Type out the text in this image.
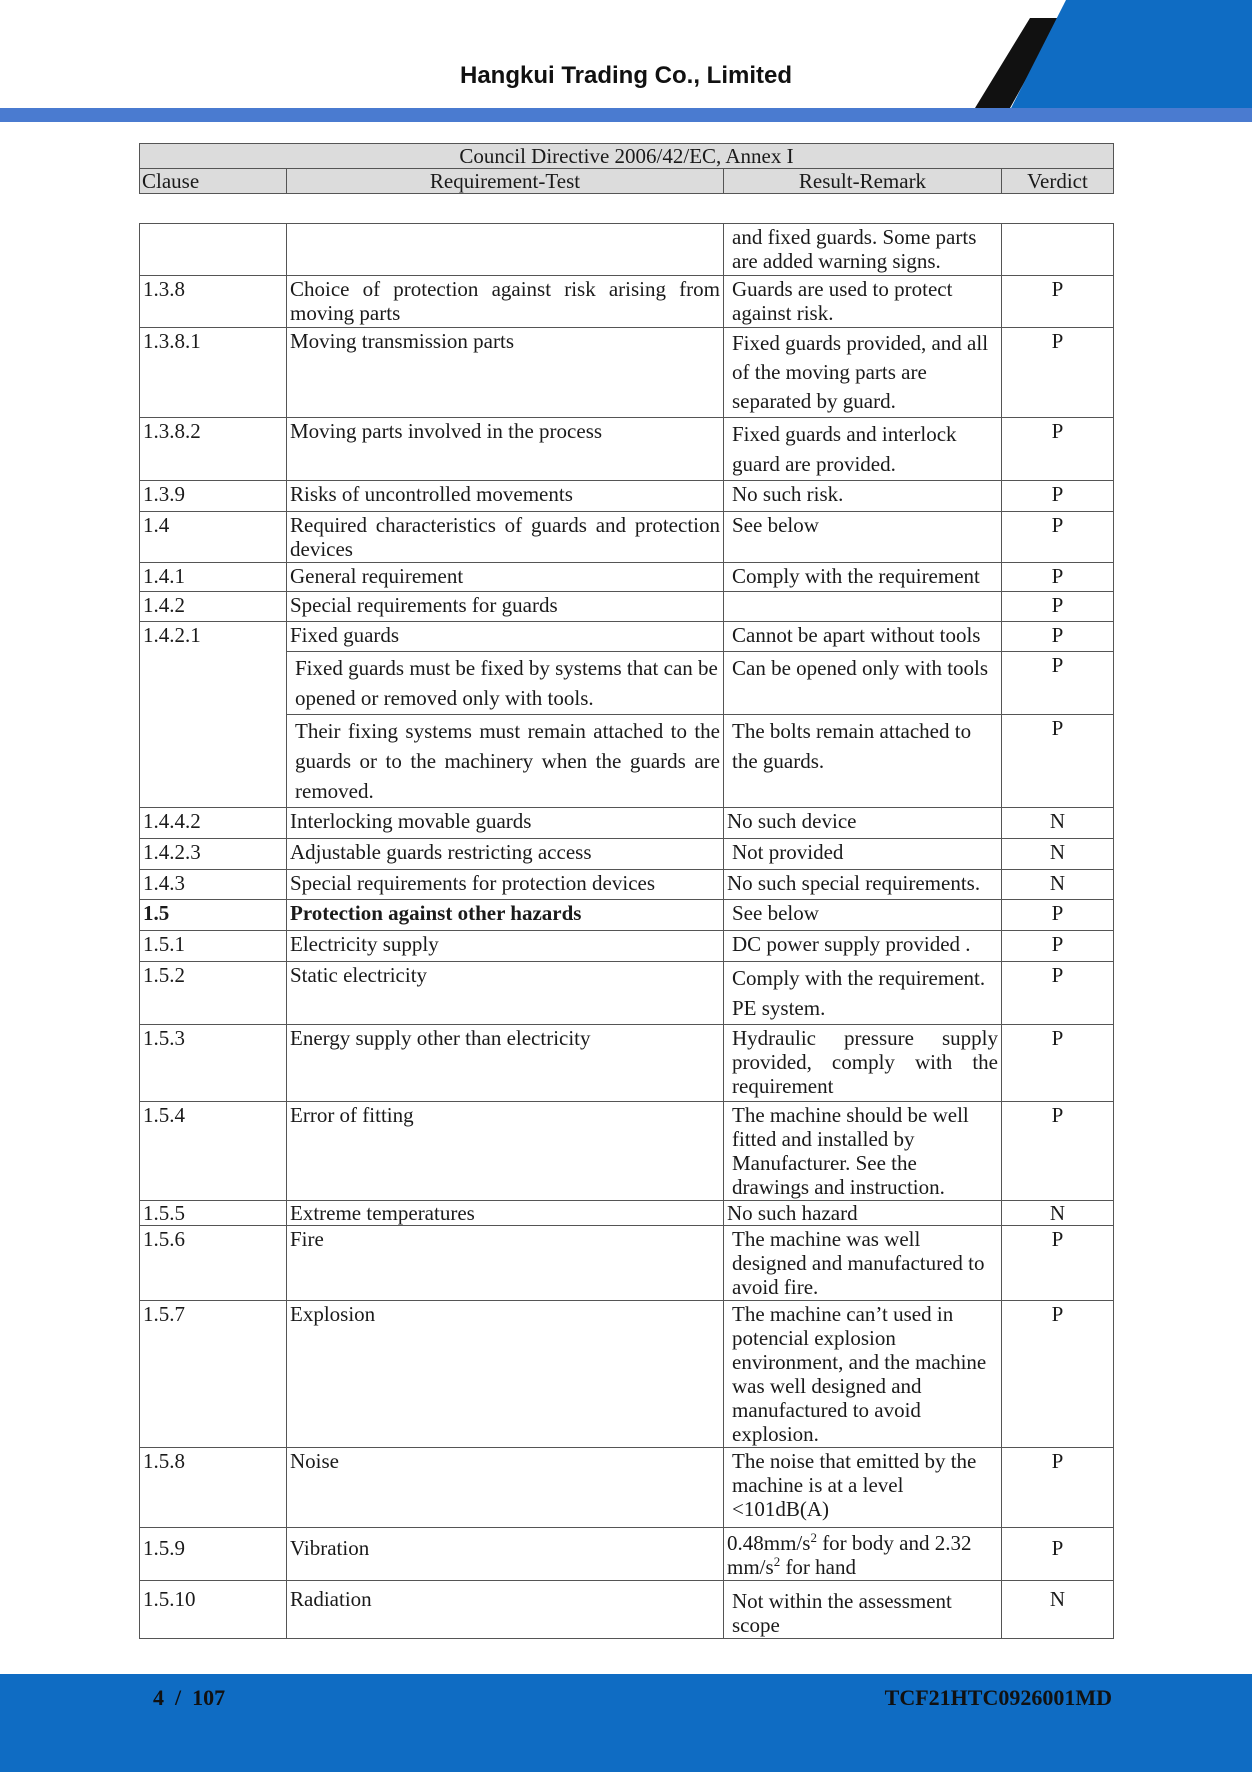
Hangkui Trading Co., Limited
Council Directive 2006/42/EC, Annex I
Clause	Requirement-Test	Result-Remark	Verdict
		and fixed guards. Some parts are added warning signs.	
1.3.8	Choice of protection against risk arising from moving parts	Guards are used to protect against risk.	P
1.3.8.1	Moving transmission parts	Fixed guards provided, and all of the moving parts are separated by guard.	P
1.3.8.2	Moving parts involved in the process	Fixed guards and interlock guard are provided.	P
1.3.9	Risks of uncontrolled movements	No such risk.	P
1.4	Required characteristics of guards and protection devices	See below	P
1.4.1	General requirement	Comply with the requirement	P
1.4.2	Special requirements for guards		P
1.4.2.1	Fixed guards	Cannot be apart without tools	P
	Fixed guards must be fixed by systems that can be opened or removed only with tools.	Can be opened only with tools	P
	Their fixing systems must remain attached to the guards or to the machinery when the guards are removed.	The bolts remain attached to the guards.	P
1.4.4.2	Interlocking movable guards	No such device	N
1.4.2.3	Adjustable guards restricting access	Not provided	N
1.4.3	Special requirements for protection devices	No such special requirements.	N
1.5	Protection against other hazards	See below	P
1.5.1	Electricity supply	DC power supply provided .	P
1.5.2	Static electricity	Comply with the requirement. PE system.	P
1.5.3	Energy supply other than electricity	Hydraulic pressure supply provided, comply with the requirement	P
1.5.4	Error of fitting	The machine should be well fitted and installed by Manufacturer. See the drawings and instruction.	P
1.5.5	Extreme temperatures	No such hazard	N
1.5.6	Fire	The machine was well designed and manufactured to avoid fire.	P
1.5.7	Explosion	The machine can’t used in potencial explosion environment, and the machine was well designed and manufactured to avoid explosion.	P
1.5.8	Noise	The noise that emitted by the machine is at a level <101dB(A)	P
1.5.9	Vibration	$0.48mm/s^2$ for body and 2.32 $mm/s^2$ for hand	P
1.5.10	Radiation	Not within the assessment scope	N
4  /  107	TCF21HTC0926001MD
